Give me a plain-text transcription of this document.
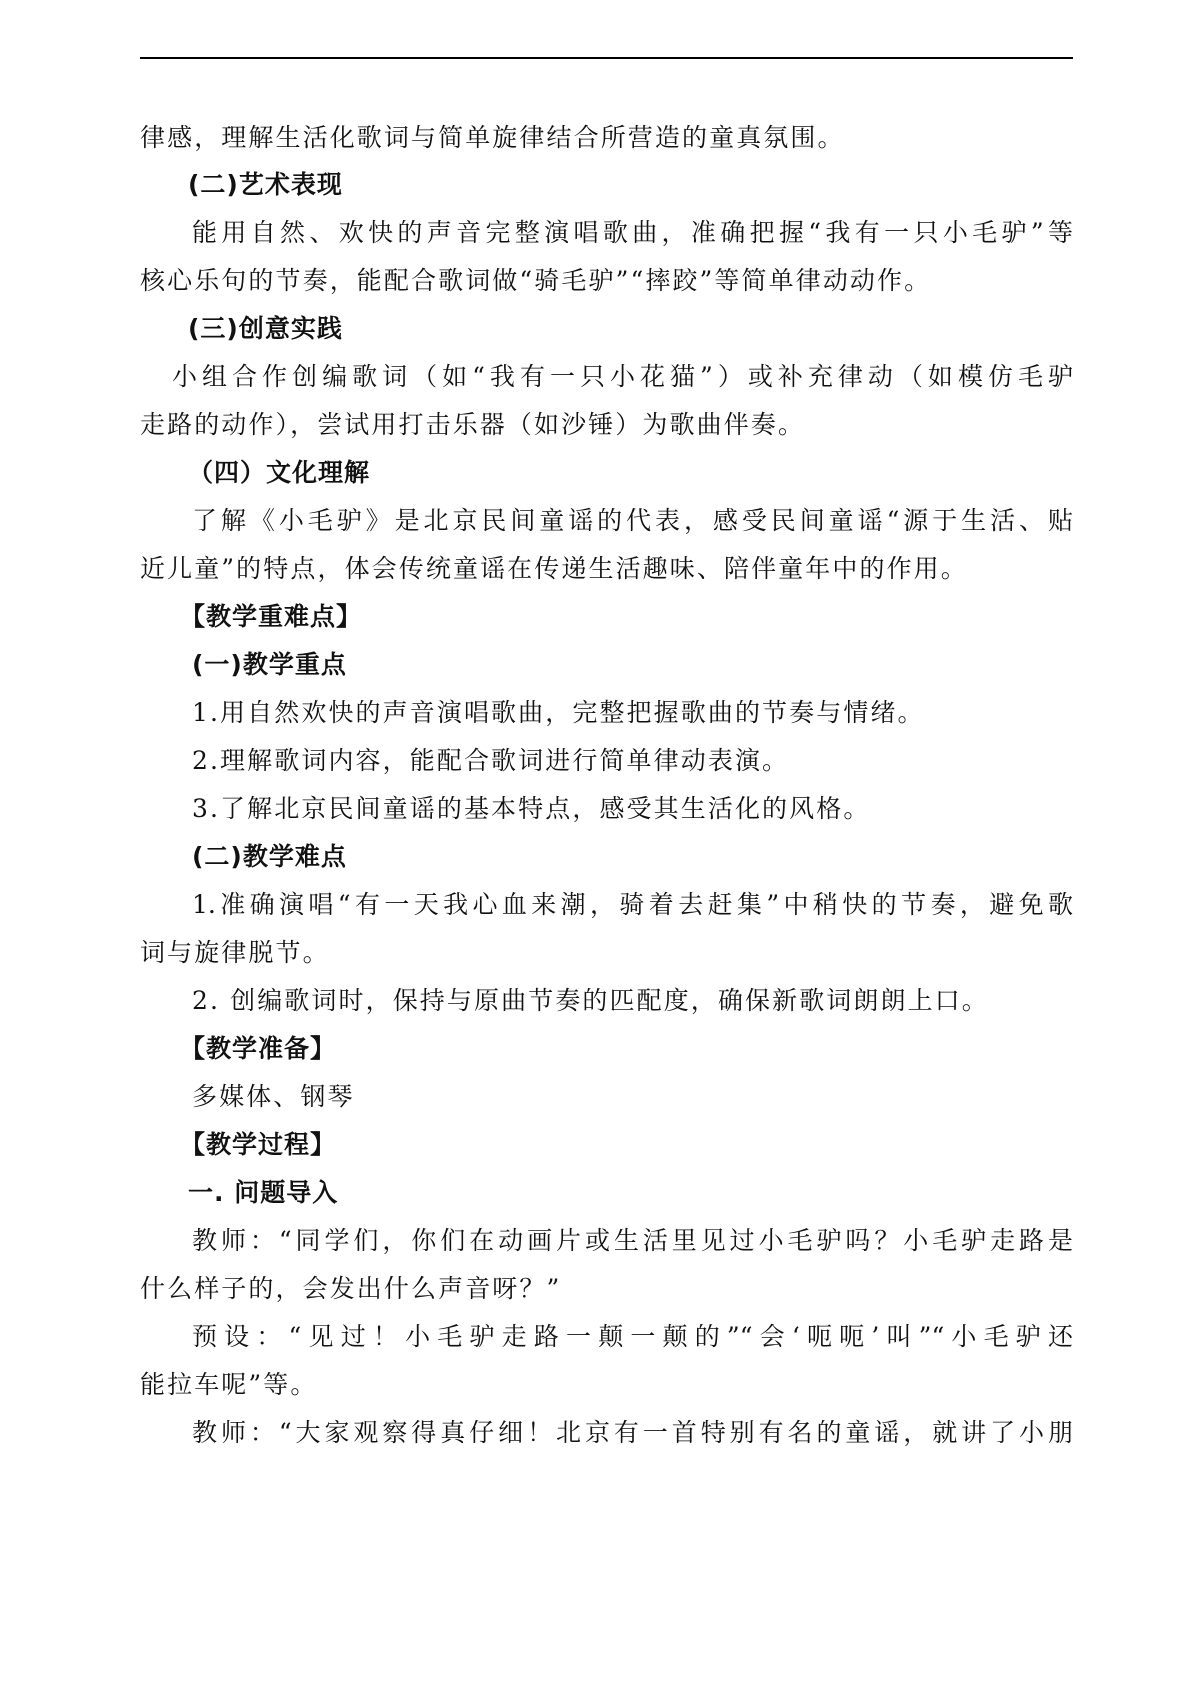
律感，理解生活化歌词与简单旋律结合所营造的童真氛围。
(二)艺术表现
能用自然、欢快的声音完整演唱歌曲，准确把握“我有一只小毛驴”等
核心乐句的节奏，能配合歌词做“骑毛驴”“摔跤”等简单律动动作。
(三)创意实践
小组合作创编歌词（如“我有一只小花猫”）或补充律动（如模仿毛驴
走路的动作），尝试用打击乐器（如沙锤）为歌曲伴奏。
（四）文化理解
了解《小毛驴》是北京民间童谣的代表，感受民间童谣“源于生活、贴
近儿童”的特点，体会传统童谣在传递生活趣味、陪伴童年中的作用。
【教学重难点】
(一)教学重点
1.用自然欢快的声音演唱歌曲，完整把握歌曲的节奏与情绪。
2.理解歌词内容，能配合歌词进行简单律动表演。
3.了解北京民间童谣的基本特点，感受其生活化的风格。
(二)教学难点
1.准确演唱“有一天我心血来潮，骑着去赶集”中稍快的节奏，避免歌
词与旋律脱节。
2. 创编歌词时，保持与原曲节奏的匹配度，确保新歌词朗朗上口。
【教学准备】
多媒体、钢琴
【教学过程】
一. 问题导入
教师：“同学们，你们在动画片或生活里见过小毛驴吗？小毛驴走路是
什么样子的，会发出什么声音呀？”
预设：“见过！小毛驴走路一颠一颠的”“会‘呃呃’叫”“小毛驴还
能拉车呢”等。
教师：“大家观察得真仔细！北京有一首特别有名的童谣，就讲了小朋
